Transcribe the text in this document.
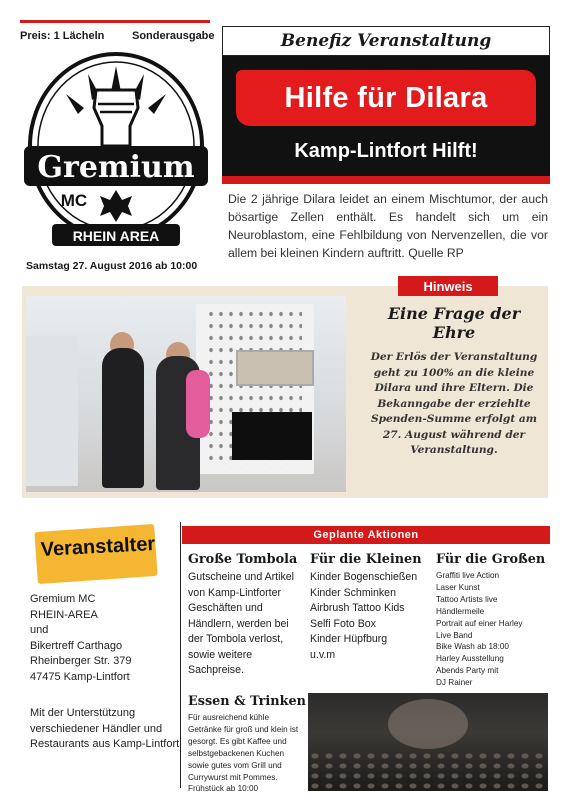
Preis: 1 Lächeln	Sonderausgabe
Gremium
MC
RHEIN AREA
Samstag 27. August 2016 ab 10:00
Benefiz Veranstaltung
Hilfe für Dilara
Kamp-Lintfort Hilft!
Die 2 jährige Dilara leidet an einem Mischtumor, der auch bösartige Zellen enthält. Es handelt sich um ein Neuroblastom, eine Fehlbildung von Nervenzellen, die vor allem bei kleinen Kindern auftritt. Quelle RP
Hinweis
Eine Frage der Ehre
Der Erlös der Veranstaltung geht zu 100% an die kleine Dilara und ihre Eltern. Die Bekanngabe der erziehlte Spenden-Summe erfolgt am 27. August während der Veranstaltung.
Veranstalter
Gremium MC
RHEIN-AREA
und
Bikertreff Carthago
Rheinberger Str. 379
47475 Kamp-Lintfort
Mit der Unterstützung verschiedener Händler und Restaurants aus Kamp-Lintfort
Geplante Aktionen
Große Tombola
Gutscheine und Artikel von Kamp-Lintforter Geschäften und Händlern, werden bei der Tombola verlost, sowie weitere Sachpreise.
Für die Kleinen
Kinder Bogenschießen
Kinder Schminken
Airbrush Tattoo Kids
Selfi Foto Box
Kinder Hüpfburg
u.v.m
Für die Großen
Graffiti live Action
Laser Kunst
Tattoo Artists live
Händlermeile
Portrait auf einer Harley
Live Band
Bike Wash ab 18:00
Harley Ausstellung
Abends Party mit
DJ Rainer
Essen & Trinken
Für ausreichend kühle Getränke für groß und klein ist gesorgt. Es gibt Kaffee und selbstgebackenen Kuchen sowie gutes vom Grill und Currywurst mit Pommes. Frühstück ab 10:00
